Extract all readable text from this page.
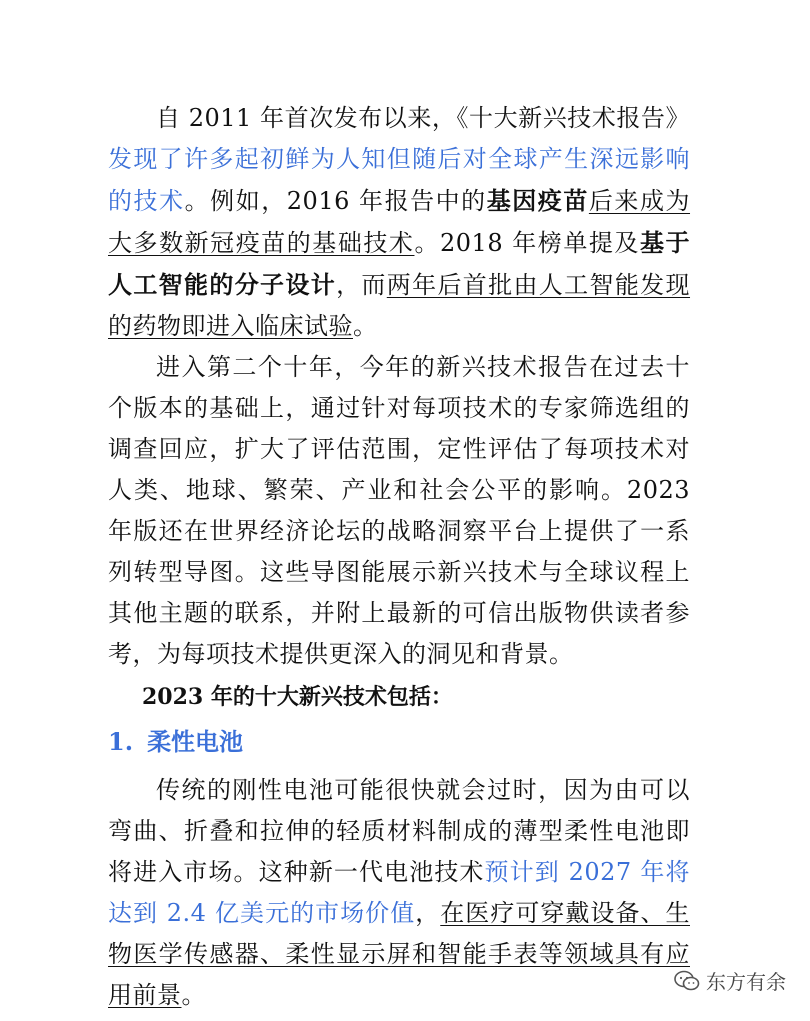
自 2011 年首次发布以来，《十大新兴技术报告》发现了许多起初鲜为人知但随后对全球产生深远影响的技术。例如，2016 年报告中的基因疫苗后来成为大多数新冠疫苗的基础技术。2018 年榜单提及基于人工智能的分子设计，而两年后首批由人工智能发现的药物即进入临床试验。

进入第二个十年，今年的新兴技术报告在过去十个版本的基础上，通过针对每项技术的专家筛选组的调查回应，扩大了评估范围，定性评估了每项技术对人类、地球、繁荣、产业和社会公平的影响。2023 年版还在世界经济论坛的战略洞察平台上提供了一系列转型导图。这些导图能展示新兴技术与全球议程上其他主题的联系，并附上最新的可信出版物供读者参考，为每项技术提供更深入的洞见和背景。

2023 年的十大新兴技术包括：

1. 柔性电池

传统的刚性电池可能很快就会过时，因为由可以弯曲、折叠和拉伸的轻质材料制成的薄型柔性电池即将进入市场。这种新一代电池技术预计到 2027 年将达到 2.4 亿美元的市场价值，在医疗可穿戴设备、生物医学传感器、柔性显示屏和智能手表等领域具有应用前景。	东方有余
